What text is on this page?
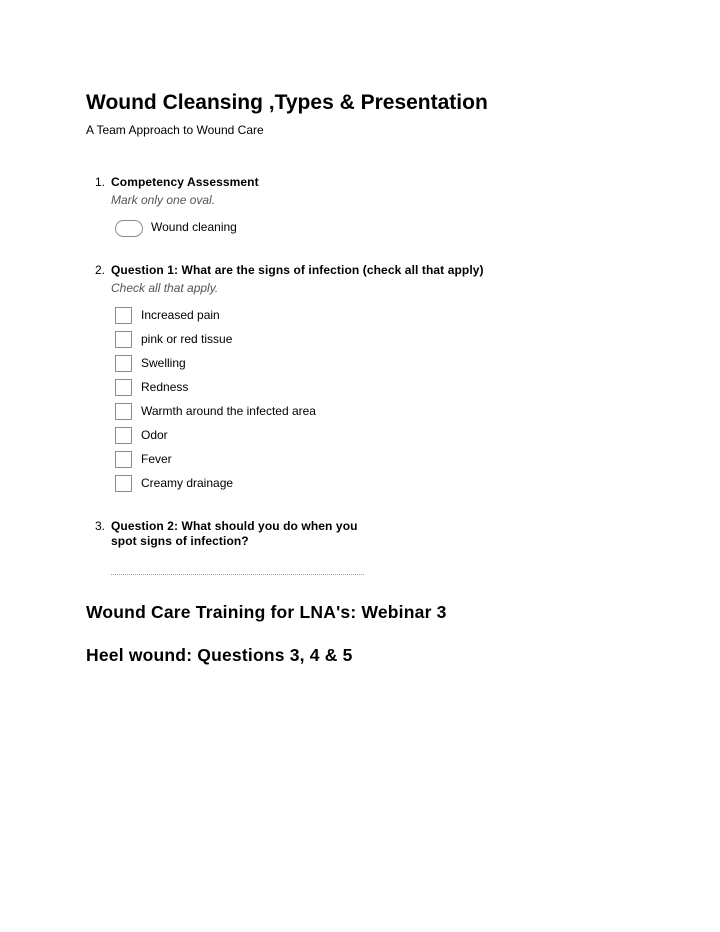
Wound Cleansing ,Types & Presentation
A Team Approach to Wound Care
1. Competency Assessment
Mark only one oval.
Wound cleaning
2. Question 1: What are the signs of infection (check all that apply)
Check all that apply.
Increased pain
pink or red tissue
Swelling
Redness
Warmth around the infected area
Odor
Fever
Creamy drainage
3. Question 2: What should you do when you
spot signs of infection?
Wound Care Training for LNA's: Webinar 3
Heel wound: Questions 3, 4 & 5
